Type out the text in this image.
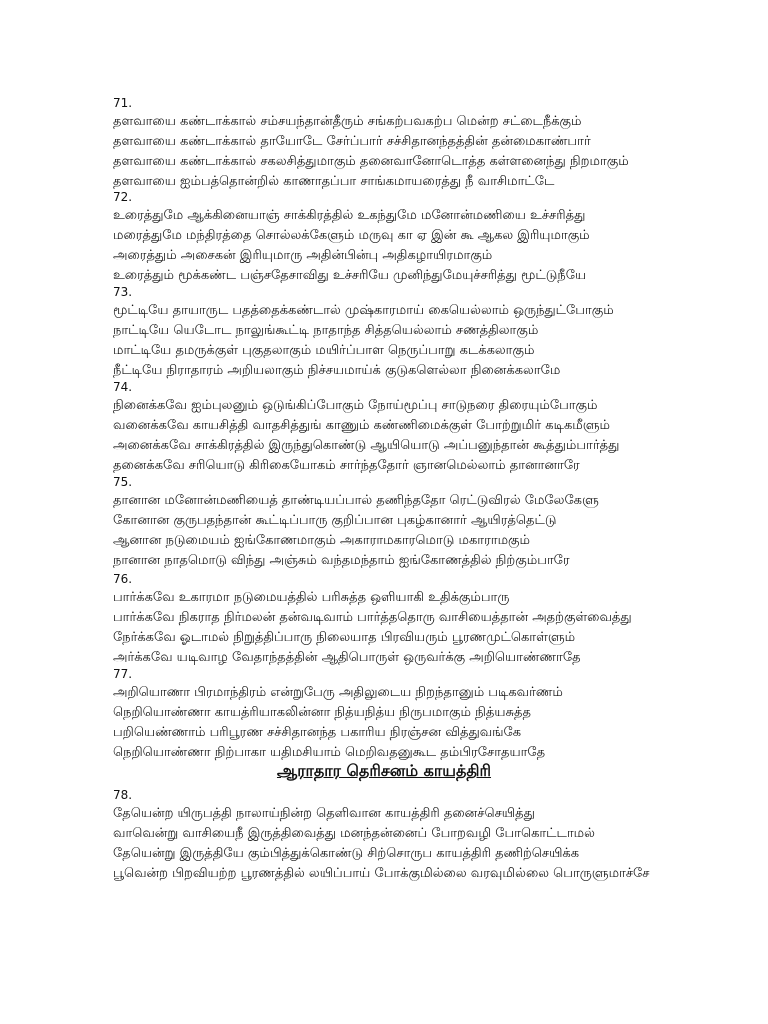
71.
தளவாயை கண்டாக்கால் சம்சயந்தான்தீரும் சங்கற்பவகற்ப மென்ற சட்டைநீக்கும்
தளவாயை கண்டாக்கால் தாயோடே சேர்ப்பார் சச்சிதானந்தத்தின் தன்மைகாண்பார்
தளவாயை கண்டாக்கால் சகலசித்துமாகும் தனைவானோடொத்த கள்ளனைந்து நிறமாகும்
தளவாயை ஐம்பத்தொன்றில் காணாதப்பா சாங்கமாயரைத்து நீ வாசிமாட்டே
72.
உரைத்துமே ஆக்கினையாஞ் சாக்கிரத்தில் உகந்துமே மனோன்மணியை உச்சரித்து
மரைத்துமே மந்திரத்தை சொல்லக்கேளும் மருவு கா ஏ இன் கூ ஆகல இரியுமாகும்
அரைத்தும் அசைகன் இரியுமாரு அதின்பின்பு அதிகழாயிரமாகும்
உரைத்தும் மூக்கண்ட பஞ்சதேசாவிது உச்சரியே முனிந்துமேயுச்சரித்து மூட்டுநீயே
73.
மூட்டியே தாயாருட பதத்தைக்கண்டால் முஷ்காரமாய் கையெல்லாம் ஒருந்துட்போகும்
நாட்டியே யெடோட நாலுங்கூட்டி நாதாந்த சித்தயெல்லாம் சணத்திலாகும்
மாட்டியே தமருக்குள் புகுதலாகும் மயிர்ப்பாள நெருப்பாறு கடக்கலாகும்
நீட்டியே நிராதாரம் அறியலாகும் நிச்சயமாய்க் குடுகளெல்லா நினைக்கலாமே
74.
நினைக்கவே ஐம்புலனும் ஒடுங்கிப்போகும் நோய்மூப்பு சாடுநரை திரையும்போகும்
வனைக்கவே காயசித்தி வாதசித்துங் காணும் கண்ணிமைக்குள் போற்றுமிர் கடிகமீளும்
அனைக்கவே சாக்கிரத்தில் இருந்துகொண்டு ஆயியொடு அப்பனுந்தான் கூத்தும்பார்த்து
தனைக்கவே சரியொடு கிரிகையோகம் சார்ந்ததோர் ஞானமெல்லாம் தானானாரே
75.
தானான மனோன்மணியைத் தாண்டியப்பால் தணிந்ததோ ரெட்டுவிரல் மேலேகேளு
கோனான குருபதந்தான் கூட்டிப்பாரு குறிப்பான புகழ்கானார் ஆயிரத்தெட்டு
ஆனான நடுமையம் ஐங்கோணமாகும் அகாராமகாரமொடு மகாராமகும்
நானான நாதமொடு விந்து அஞ்சும் வந்தமந்தாம் ஐங்கோணத்தில் நிற்கும்பாரே
76.
பார்க்கவே உகாரமா நடுமையத்தில் பரிசுத்த ஒளியாகி உதிக்கும்பாரு
பார்க்கவே நிகராத நிர்மலன் தன்வடிவாம் பார்த்ததொரு வாசியைத்தான் அதற்குள்வைத்து
நேர்க்கவே ஓடாமல் நிறுத்திப்பாரு நிலையாத பிரவியரும் பூரணமுட்கொள்ளும்
அர்க்கவே யடிவாழ வேதாந்தத்தின் ஆதிபொருள் ஒருவர்க்கு அறியொண்ணாதே
77.
அறியொணா பிரமாந்திரம் என்றுபேரு அதிலுடைய நிறந்தானும் படிகவர்ணம்
நெறியொண்ணா காயத்ரியாகலின்னா நித்யநித்ய நிருபமாகும் நித்யசுத்த
பறியெண்ணாம் பரிபூரண சச்சிதானந்த பகாரிய நிரஞ்சன வித்துவங்கே
நெறியொண்ணா நிற்பாகா யதிமசியாம் மெறிவதனுகூட தம்பிரசோதயாதே
ஆராதார தெரிசனம் காயத்திரி
78.
தேயென்ற யிருபத்தி நாலாய்நின்ற தெளிவான காயத்திரி தனைச்செயித்து
வாவென்று வாசியைநீ இருத்திவைத்து மனந்தன்னைப் போறவழி போகொட்டாமல்
தேயென்று இருத்தியே கும்பித்துக்கொண்டு சிற்சொருப காயத்திரி தணிற்செயிக்க
பூவென்ற பிறவியற்ற பூரணத்தில் லயிப்பாய் போக்குமில்லை வரவுமில்லை பொருளுமாச்சே
